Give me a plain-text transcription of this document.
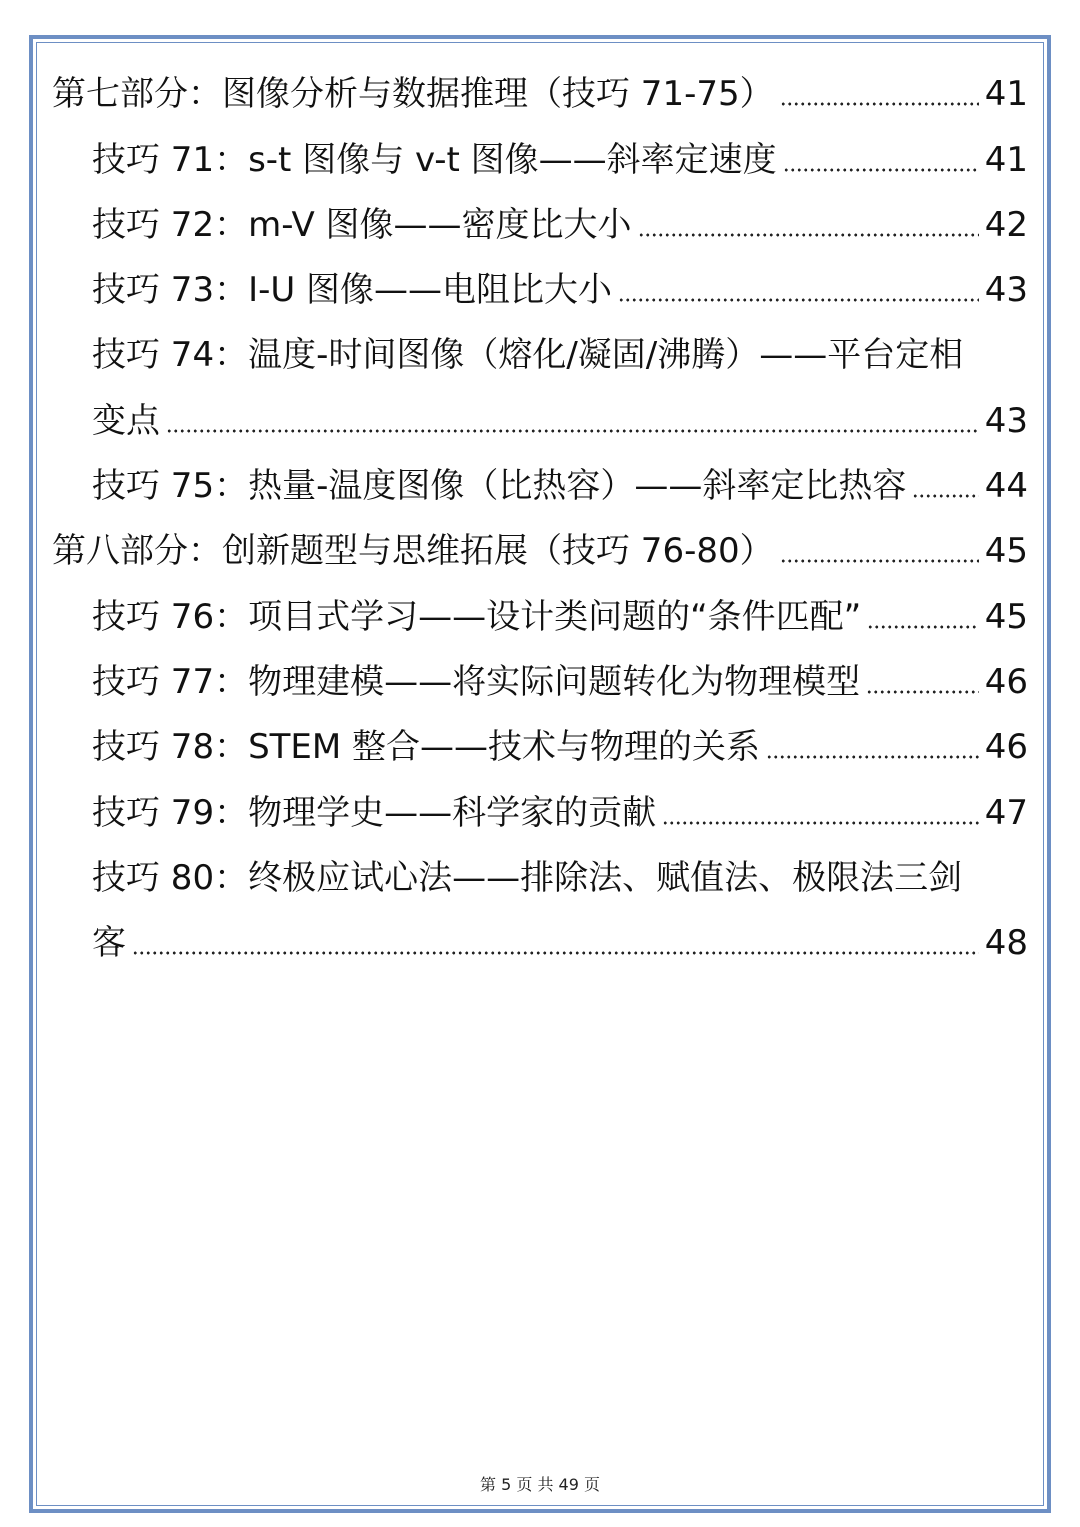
第七部分：图像分析与数据推理（技巧 71-75）	41
技巧 71：s-t 图像与 v-t 图像——斜率定速度	41
技巧 72：m-V 图像——密度比大小	42
技巧 73：I-U 图像——电阻比大小	43
技巧 74：温度-时间图像（熔化/凝固/沸腾）——平台定相
变点	43
技巧 75：热量-温度图像（比热容）——斜率定比热容 44
第八部分：创新题型与思维拓展（技巧 76-80）	45
技巧 76：项目式学习——设计类问题的“条件匹配”	45
技巧 77：物理建模——将实际问题转化为物理模型	46
技巧 78：STEM 整合——技术与物理的关系	46
技巧 79：物理学史——科学家的贡献	47
技巧 80：终极应试心法——排除法、赋值法、极限法三剑
客	48
第 5 页 共 49 页
